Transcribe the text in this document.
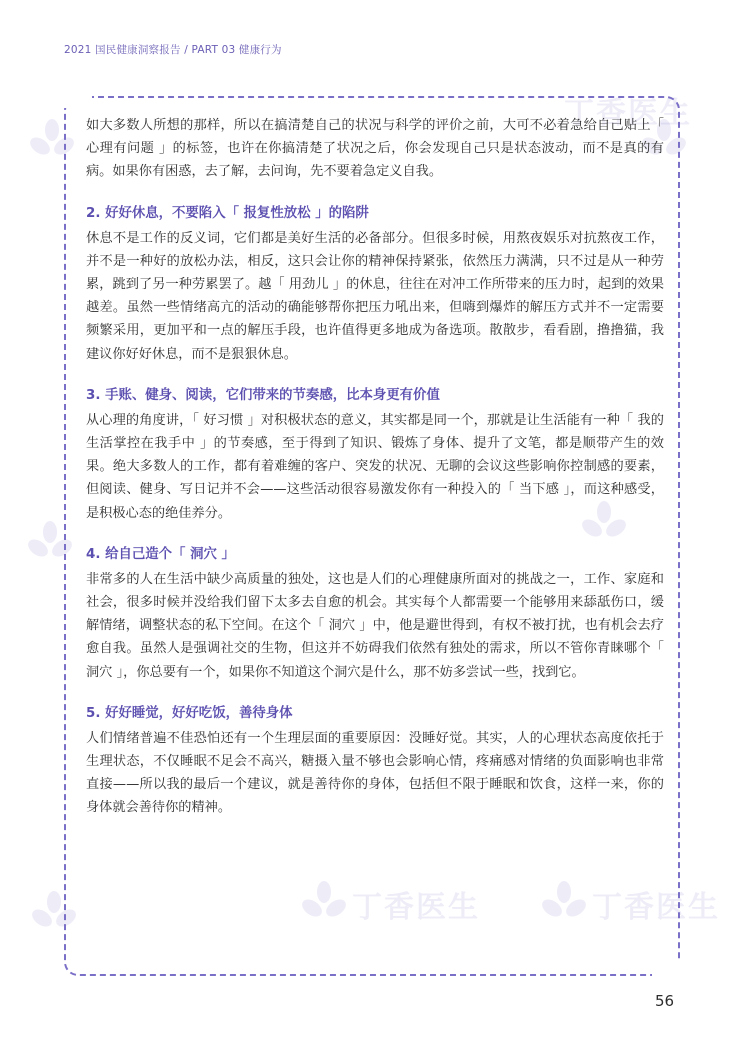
2021 国民健康洞察报告 / PART 03 健康行为
丁香医生
丁香医生	丁香医生

如大多数人所想的那样，所以在搞清楚自己的状况与科学的评价之前，大可不必着急给自己贴上「 心理有问题 」的标签，也许在你搞清楚了状况之后，你会发现自己只是状态波动，而不是真的有病。如果你有困惑，去了解，去问询，先不要着急定义自我。

2. 好好休息，不要陷入「 报复性放松 」的陷阱

休息不是工作的反义词，它们都是美好生活的必备部分。但很多时候，用熬夜娱乐对抗熬夜工作，并不是一种好的放松办法，相反，这只会让你的精神保持紧张，依然压力满满，只不过是从一种劳累，跳到了另一种劳累罢了。越「 用劲儿 」的休息，往往在对冲工作所带来的压力时，起到的效果越差。虽然一些情绪高亢的活动的确能够帮你把压力吼出来，但嗨到爆炸的解压方式并不一定需要频繁采用，更加平和一点的解压手段，也许值得更多地成为备选项。散散步，看看剧，撸撸猫，我建议你好好休息，而不是狠狠休息。

3. 手账、健身、阅读，它们带来的节奏感，比本身更有价值

从心理的角度讲，「 好习惯 」对积极状态的意义，其实都是同一个，那就是让生活能有一种「 我的生活掌控在我手中 」的节奏感，至于得到了知识、锻炼了身体、提升了文笔，都是顺带产生的效果。绝大多数人的工作，都有着难缠的客户、突发的状况、无聊的会议这些影响你控制感的要素，但阅读、健身、写日记并不会——这些活动很容易激发你有一种投入的「 当下感 」，而这种感受，是积极心态的绝佳养分。

4. 给自己造个「 洞穴 」

非常多的人在生活中缺少高质量的独处，这也是人们的心理健康所面对的挑战之一，工作、家庭和社会，很多时候并没给我们留下太多去自愈的机会。其实每个人都需要一个能够用来舔舐伤口，缓解情绪，调整状态的私下空间。在这个「 洞穴 」中，他是避世得到，有权不被打扰，也有机会去疗愈自我。虽然人是强调社交的生物，但这并不妨碍我们依然有独处的需求，所以不管你青睐哪个「 洞穴 」，你总要有一个，如果你不知道这个洞穴是什么，那不妨多尝试一些，找到它。

5. 好好睡觉，好好吃饭，善待身体

人们情绪普遍不佳恐怕还有一个生理层面的重要原因：没睡好觉。其实，人的心理状态高度依托于生理状态，不仅睡眠不足会不高兴，糖摄入量不够也会影响心情，疼痛感对情绪的负面影响也非常直接——所以我的最后一个建议，就是善待你的身体，包括但不限于睡眠和饮食，这样一来，你的身体就会善待你的精神。

56
